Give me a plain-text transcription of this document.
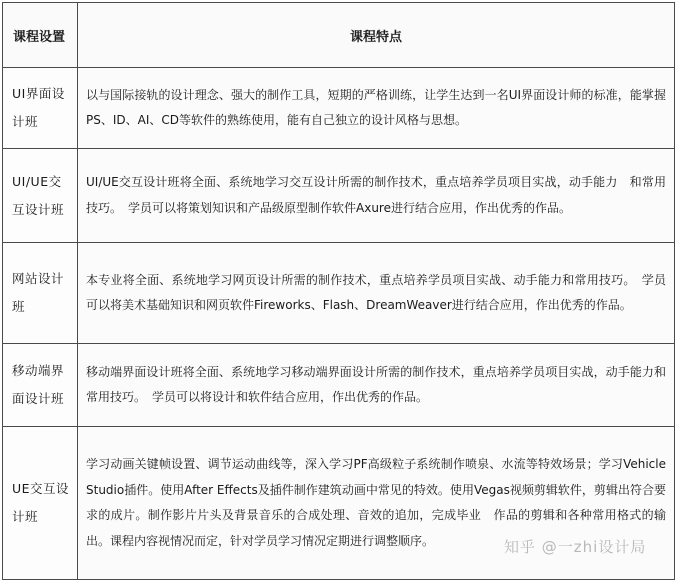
课程设置	课程特点
UI界面设计班	以与国际接轨的设计理念、强大的制作工具，短期的严格训练，让学生达到一名UI界面设计师的标准，能掌握PS、ID、AI、CD等软件的熟练使用，能有自己独立的设计风格与思想。
UI/UE交互设计班	UI/UE交互设计班将全面、系统地学习交互设计所需的制作技术，重点培养学员项目实战，动手能力　和常用技巧。　学员可以将策划知识和产品级原型制作软件Axure进行结合应用，作出优秀的作品。
网站设计班	本专业将全面、系统地学习网页设计所需的制作技术，重点培养学员项目实战、动手能力和常用技巧。　学员可以将美术基础知识和网页软件Fireworks、Flash、DreamWeaver进行结合应用，作出优秀的作品。
移动端界面设计班	移动端界面设计班将全面、系统地学习移动端界面设计所需的制作技术，重点培养学员项目实战，动手能力和常用技巧。　学员可以将设计和软件结合应用，作出优秀的作品。
UE交互设计班	学习动画关键帧设置、调节运动曲线等，深入学习PF高级粒子系统制作喷泉、水流等特效场景；学习Vehicle Studio插件。使用After Effects及插件制作建筑动画中常见的特效。使用Vegas视频剪辑软件，剪辑出符合要求的成片。制作影片片头及背景音乐的合成处理、音效的追加，完成毕业　作品的剪辑和各种常用格式的输出。课程内容视情况而定，针对学员学习情况定期进行调整顺序。	知乎 @一zhi设计局
